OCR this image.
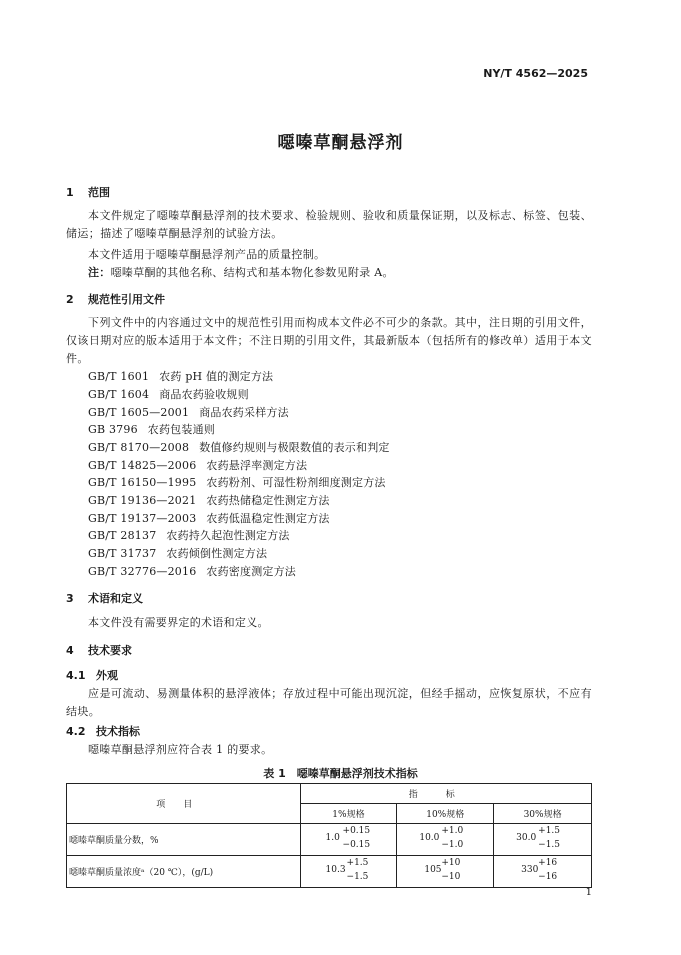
NY/T 4562—2025
噁嗪草酮悬浮剂
1 范围
本文件规定了噁嗪草酮悬浮剂的技术要求、检验规则、验收和质量保证期，以及标志、标签、包装、储运；描述了噁嗪草酮悬浮剂的试验方法。
本文件适用于噁嗪草酮悬浮剂产品的质量控制。
注：噁嗪草酮的其他名称、结构式和基本物化参数见附录 A。
2 规范性引用文件
下列文件中的内容通过文中的规范性引用而构成本文件必不可少的条款。其中，注日期的引用文件，仅该日期对应的版本适用于本文件；不注日期的引用文件，其最新版本（包括所有的修改单）适用于本文件。
GB/T 1601 农药 pH 值的测定方法
GB/T 1604 商品农药验收规则
GB/T 1605—2001 商品农药采样方法
GB 3796 农药包装通则
GB/T 8170—2008 数值修约规则与极限数值的表示和判定
GB/T 14825—2006 农药悬浮率测定方法
GB/T 16150—1995 农药粉剂、可湿性粉剂细度测定方法
GB/T 19136—2021 农药热储稳定性测定方法
GB/T 19137—2003 农药低温稳定性测定方法
GB/T 28137 农药持久起泡性测定方法
GB/T 31737 农药倾倒性测定方法
GB/T 32776—2016 农药密度测定方法
3 术语和定义
本文件没有需要界定的术语和定义。
4 技术要求
4.1 外观
应是可流动、易测量体积的悬浮液体；存放过程中可能出现沉淀，但经手摇动，应恢复原状，不应有结块。
4.2 技术指标
噁嗪草酮悬浮剂应符合表 1 的要求。
表 1　噁嗪草酮悬浮剂技术指标
项目	指标		
	1%规格	10%规格	30%规格
噁嗪草酮质量分数，%	1.0
+0.15
−0.15	10.0
+1.0
−1.0	30.0
+1.5
−1.5

噁嗪草酮质量浓度ᵃ（20 ℃），(g/L)	10.3
+1.5
−1.5	105
+10
−10	330
+16
−16
1
